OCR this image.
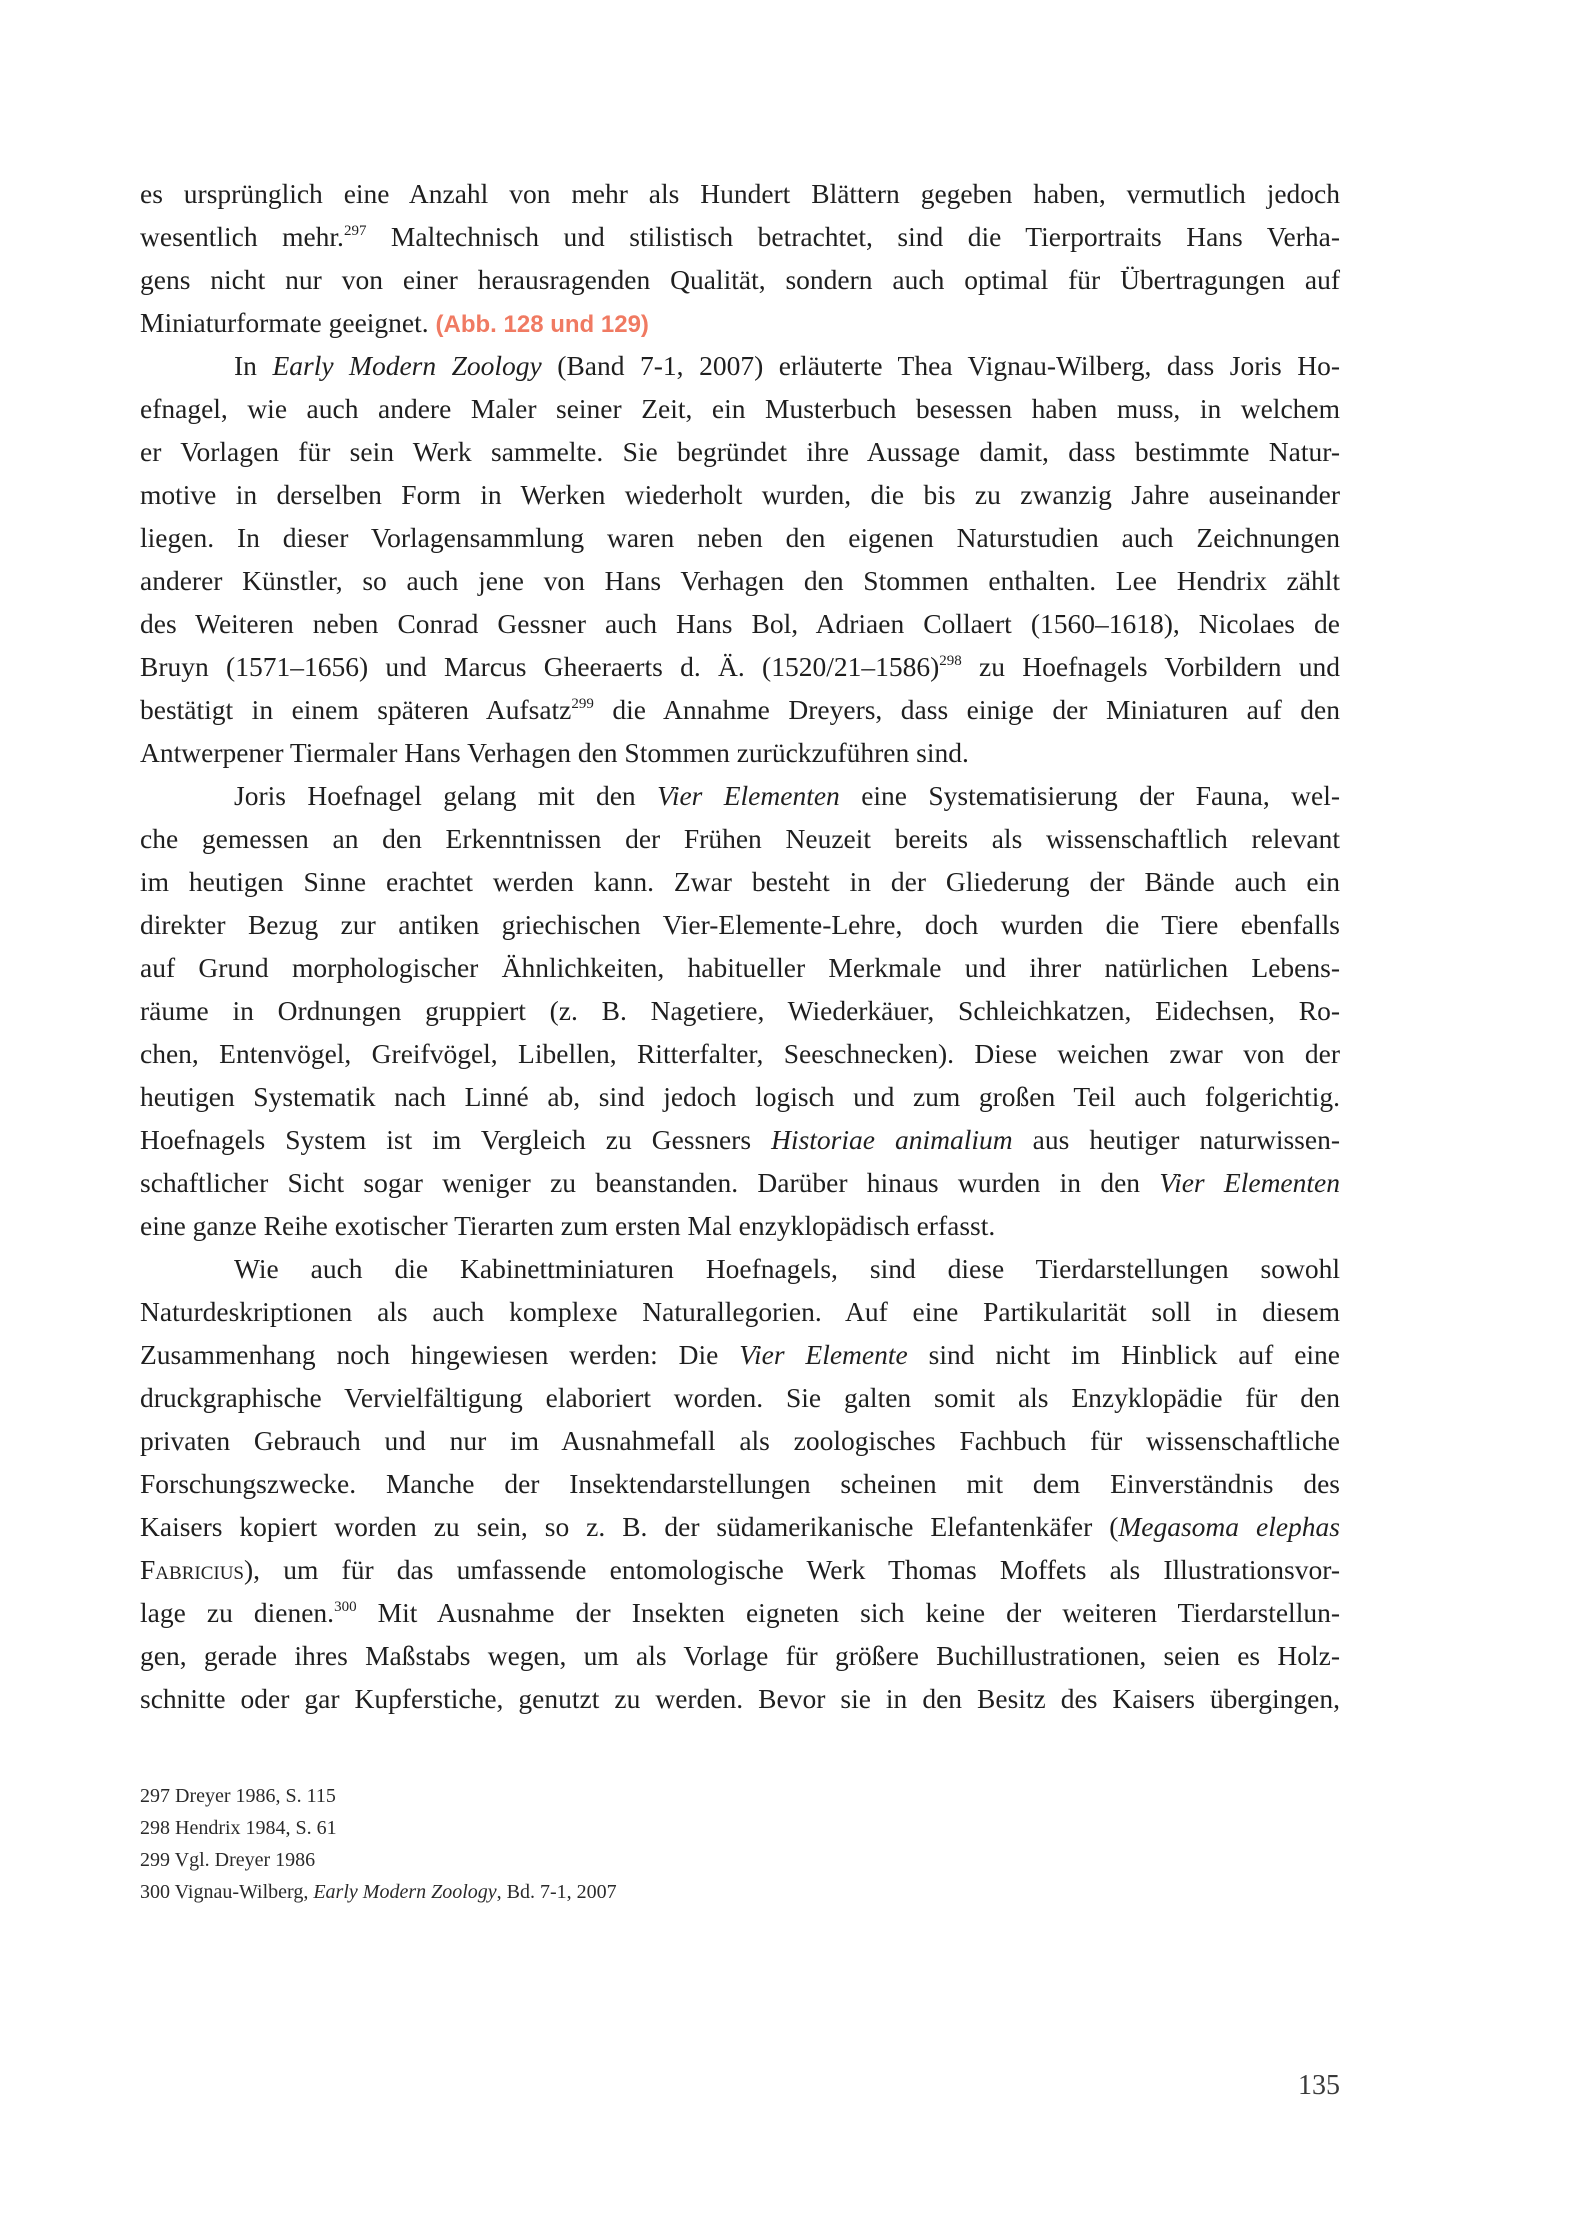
es ursprünglich eine Anzahl von mehr als Hundert Blättern gegeben haben, vermutlich jedoch
wesentlich mehr.$^{297}$ Maltechnisch und stilistisch betrachtet, sind die Tierportraits Hans Verha-
gens nicht nur von einer herausragenden Qualität, sondern auch optimal für Übertragungen auf
Miniaturformate geeignet. (Abb. 128 und 129)
In Early Modern Zoology (Band 7-1, 2007) erläuterte Thea Vignau-Wilberg, dass Joris Ho-
efnagel, wie auch andere Maler seiner Zeit, ein Musterbuch besessen haben muss, in welchem
er Vorlagen für sein Werk sammelte. Sie begründet ihre Aussage damit, dass bestimmte Natur-
motive in derselben Form in Werken wiederholt wurden, die bis zu zwanzig Jahre auseinander
liegen. In dieser Vorlagensammlung waren neben den eigenen Naturstudien auch Zeichnungen
anderer Künstler, so auch jene von Hans Verhagen den Stommen enthalten. Lee Hendrix zählt
des Weiteren neben Conrad Gessner auch Hans Bol, Adriaen Collaert (1560–1618), Nicolaes de
Bruyn (1571–1656) und Marcus Gheeraerts d. Ä. $(1520/21-1586)^{298}$ zu Hoefnagels Vorbildern und
bestätigt in einem späteren Aufsatz$^{299}$ die Annahme Dreyers, dass einige der Miniaturen auf den
Antwerpener Tiermaler Hans Verhagen den Stommen zurückzuführen sind.
Joris Hoefnagel gelang mit den Vier Elementen eine Systematisierung der Fauna, wel-
che gemessen an den Erkenntnissen der Frühen Neuzeit bereits als wissenschaftlich relevant
im heutigen Sinne erachtet werden kann. Zwar besteht in der Gliederung der Bände auch ein
direkter Bezug zur antiken griechischen Vier-Elemente-Lehre, doch wurden die Tiere ebenfalls
auf Grund morphologischer Ähnlichkeiten, habitueller Merkmale und ihrer natürlichen Lebens-
räume in Ordnungen gruppiert (z. B. Nagetiere, Wiederkäuer, Schleichkatzen, Eidechsen, Ro-
chen, Entenvögel, Greifvögel, Libellen, Ritterfalter, Seeschnecken). Diese weichen zwar von der
heutigen Systematik nach Linné ab, sind jedoch logisch und zum großen Teil auch folgerichtig.
Hoefnagels System ist im Vergleich zu Gessners Historiae animalium aus heutiger naturwissen-
schaftlicher Sicht sogar weniger zu beanstanden. Darüber hinaus wurden in den Vier Elementen
eine ganze Reihe exotischer Tierarten zum ersten Mal enzyklopädisch erfasst.
Wie auch die Kabinettminiaturen Hoefnagels, sind diese Tierdarstellungen sowohl
Naturdeskriptionen als auch komplexe Naturallegorien. Auf eine Partikularität soll in diesem
Zusammenhang noch hingewiesen werden: Die Vier Elemente sind nicht im Hinblick auf eine
druckgraphische Vervielfältigung elaboriert worden. Sie galten somit als Enzyklopädie für den
privaten Gebrauch und nur im Ausnahmefall als zoologisches Fachbuch für wissenschaftliche
Forschungszwecke. Manche der Insektendarstellungen scheinen mit dem Einverständnis des
Kaisers kopiert worden zu sein, so z. B. der südamerikanische Elefantenkäfer (Megasoma elephas
Fabricius), um für das umfassende entomologische Werk Thomas Moffets als Illustrationsvor-
lage zu dienen.$^{300}$ Mit Ausnahme der Insekten eigneten sich keine der weiteren Tierdarstellun-
gen, gerade ihres Maßstabs wegen, um als Vorlage für größere Buchillustrationen, seien es Holz-
schnitte oder gar Kupferstiche, genutzt zu werden. Bevor sie in den Besitz des Kaisers übergingen,
297 Dreyer 1986, S. 115
298 Hendrix 1984, S. 61
299 Vgl. Dreyer 1986
300 Vignau-Wilberg, Early Modern Zoology, Bd. 7-1, 2007
135
